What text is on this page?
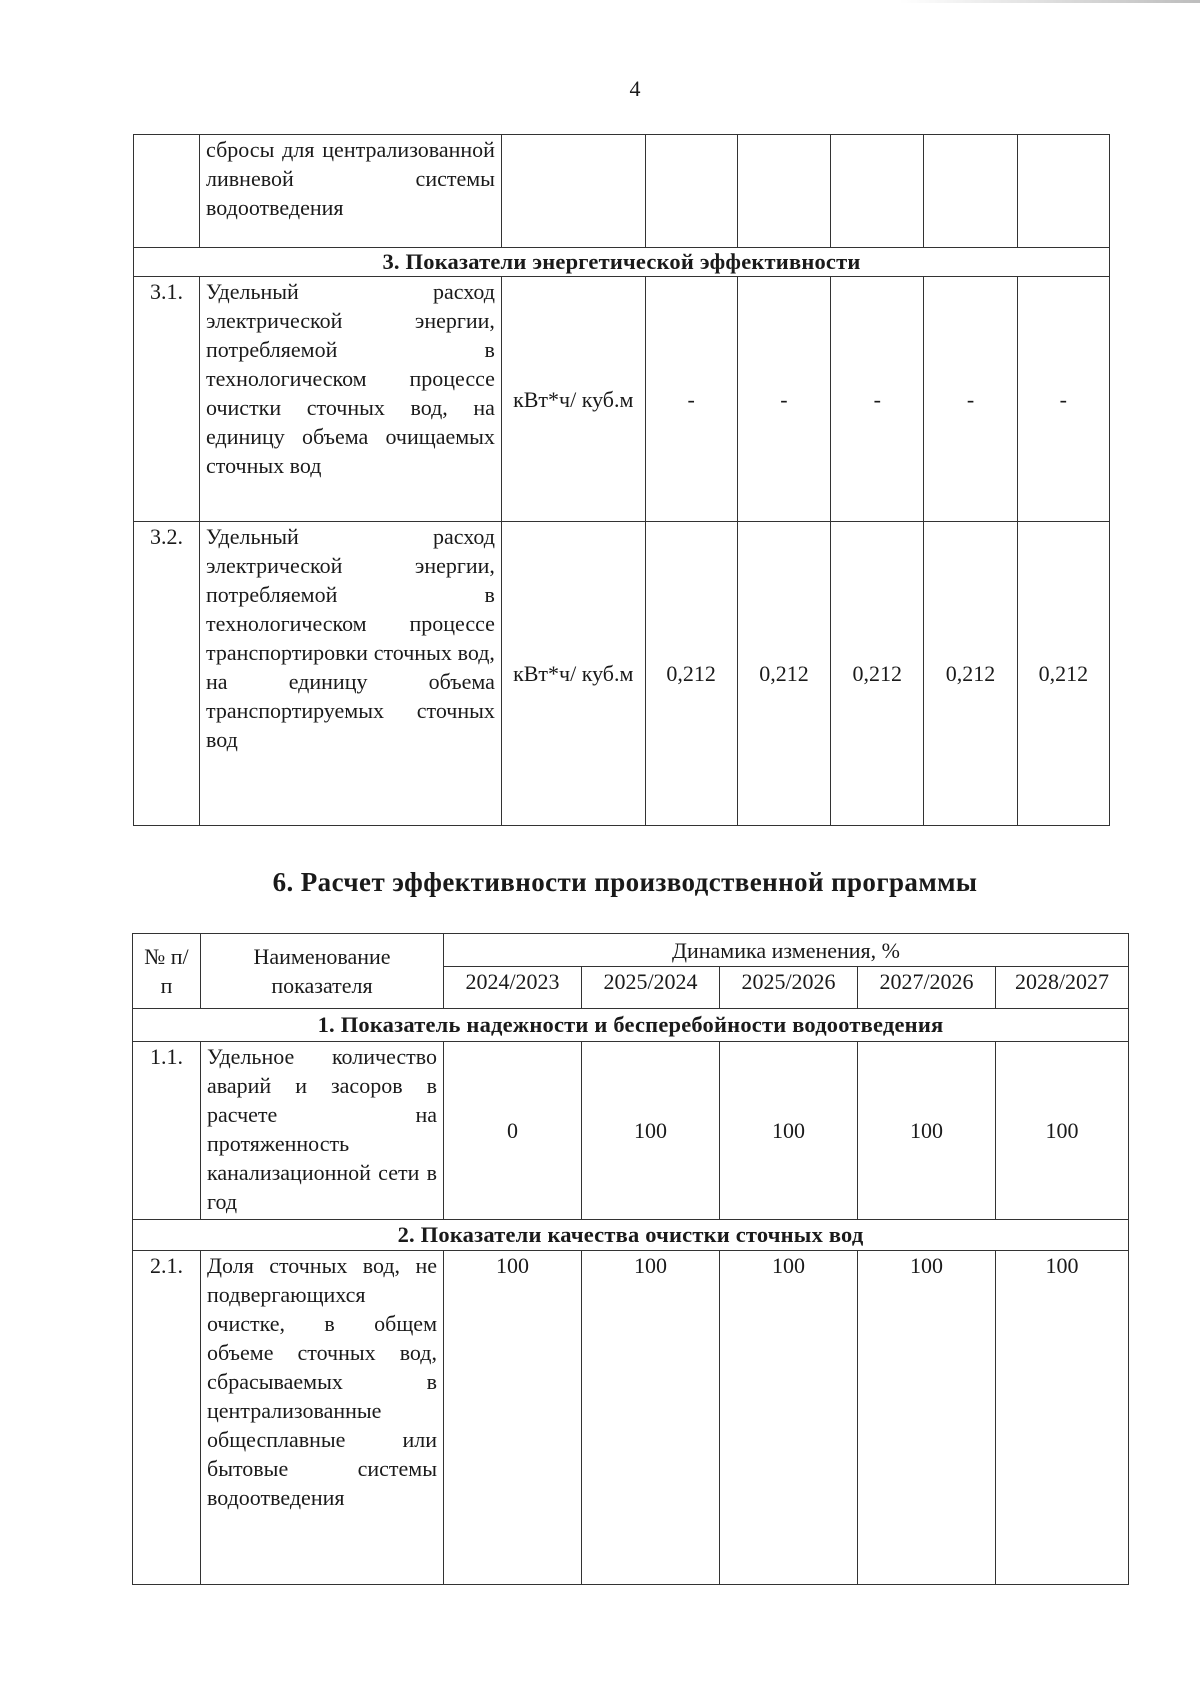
4
	сбросы для централизованной ливневой системы водоотведения						
3. Показатели энергетической эффективности							
3.1.	Удельный расход электрической энергии, потребляемой в технологическом процессе очистки сточных вод, на единицу объема очищаемых сточных вод	кВт*ч/ куб.м	-	-	-	-	-
3.2.	Удельный расход электрической энергии, потребляемой в технологическом процессе транспортировки сточных вод, на единицу объема транспортируемых сточных вод	кВт*ч/ куб.м	0,212	0,212	0,212	0,212	0,212
6. Расчет эффективности производственной программы
№ п/п	Наименование показателя	Динамика изменения, %				
		2024/2023	2025/2024	2025/2026	2027/2026	2028/2027
1. Показатель надежности и бесперебойности водоотведения						
1.1.	Удельное количество аварий и засоров в расчете на протяженность канализационной сети в год	0	100	100	100	100
2. Показатели качества очистки сточных вод						
2.1.	Доля сточных вод, не подвергающихся очистке, в общем объеме сточных вод, сбрасываемых в централизованные общесплавные или бытовые системы водоотведения	100	100	100	100	100
